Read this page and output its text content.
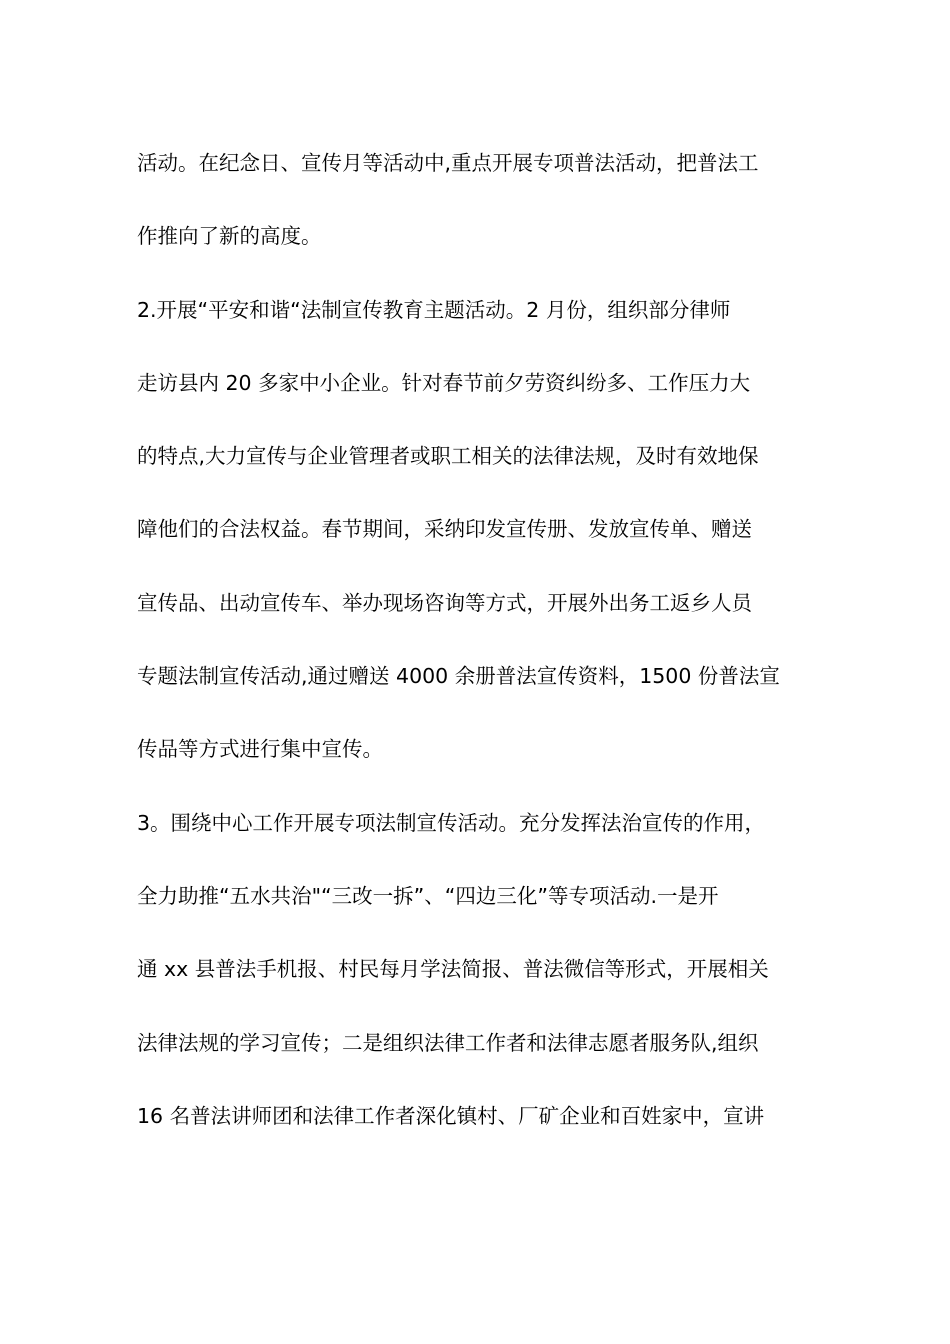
活动。在纪念日、宣传月等活动中,重点开展专项普法活动，把普法工
作推向了新的高度。
2.开展“平安和谐“法制宣传教育主题活动。2 月份，组织部分律师
走访县内 20 多家中小企业。针对春节前夕劳资纠纷多、工作压力大
的特点,大力宣传与企业管理者或职工相关的法律法规，及时有效地保
障他们的合法权益。春节期间，采纳印发宣传册、发放宣传单、赠送
宣传品、出动宣传车、举办现场咨询等方式，开展外出务工返乡人员
专题法制宣传活动,通过赠送 4000 余册普法宣传资料，1500 份普法宣
传品等方式进行集中宣传。
3。围绕中心工作开展专项法制宣传活动。充分发挥法治宣传的作用，
全力助推“五水共治"“三改一拆”、“四边三化”等专项活动.一是开
通 xx 县普法手机报、村民每月学法简报、普法微信等形式，开展相关
法律法规的学习宣传；二是组织法律工作者和法律志愿者服务队,组织
16 名普法讲师团和法律工作者深化镇村、厂矿企业和百姓家中，宣讲
